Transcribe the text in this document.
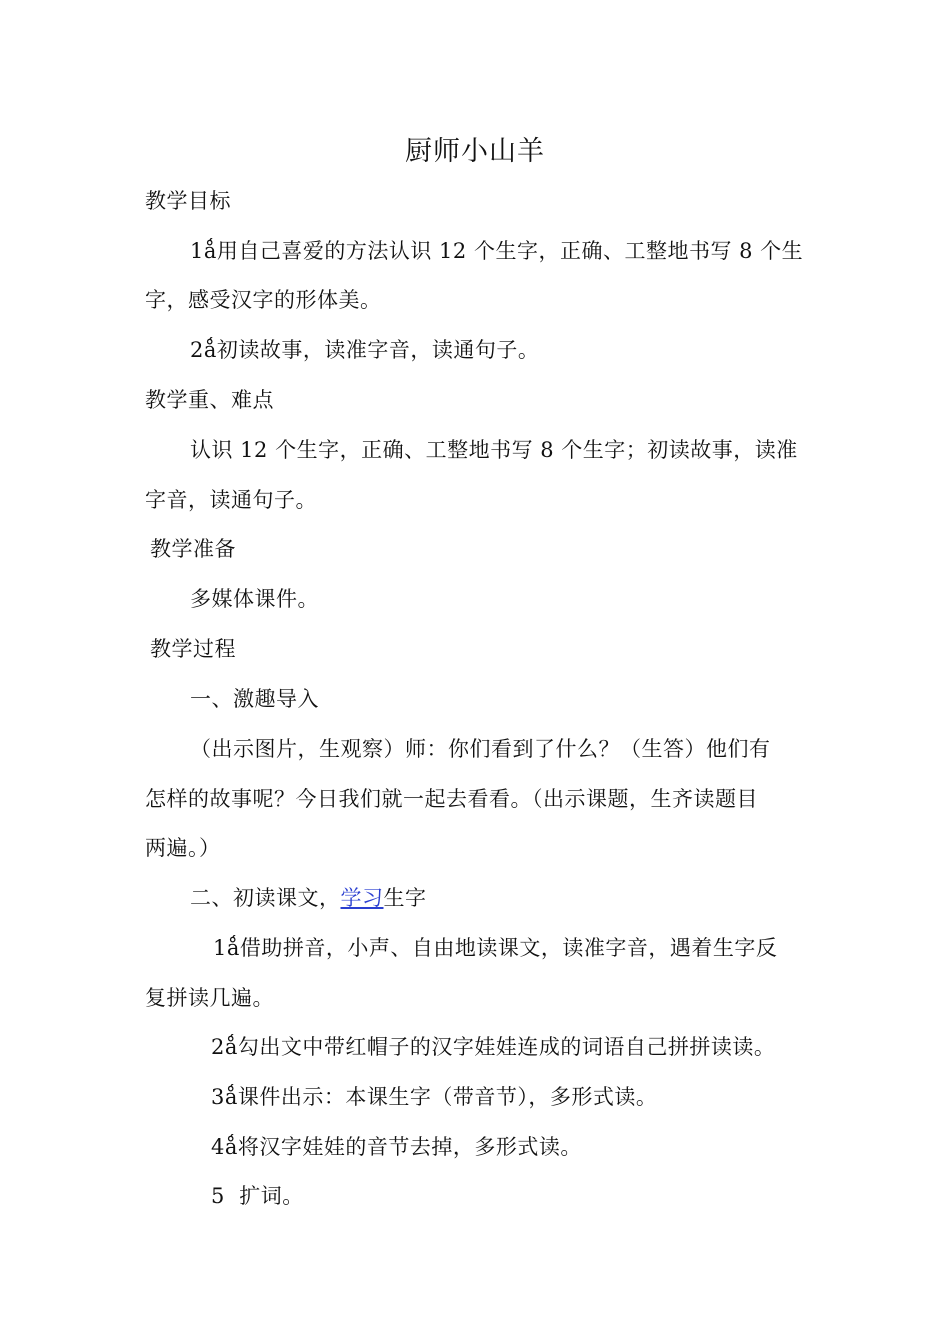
厨师小山羊
教学目标
1ǻ用自己喜爱的方法认识 12 个生字，正确、工整地书写 8 个生
字，感受汉字的形体美。
2ǻ初读故事，读准字音，读通句子。
教学重、难点
认识 12 个生字，正确、工整地书写 8 个生字；初读故事，读准
字音，读通句子。
教学准备
多媒体课件。
教学过程
一、激趣导入
（出示图片，生观察）师：你们看到了什么？（生答）他们有
怎样的故事呢？今日我们就一起去看看。（出示课题，生齐读题目
两遍。）
二、初读课文，学习生字
1ǻ借助拼音，小声、自由地读课文，读准字音，遇着生字反
复拼读几遍。
2ǻ勾出文中带红帽子的汉字娃娃连成的词语自己拼拼读读。
3ǻ课件出示：本课生字（带音节），多形式读。
4ǻ将汉字娃娃的音节去掉，多形式读。
5  扩词。
